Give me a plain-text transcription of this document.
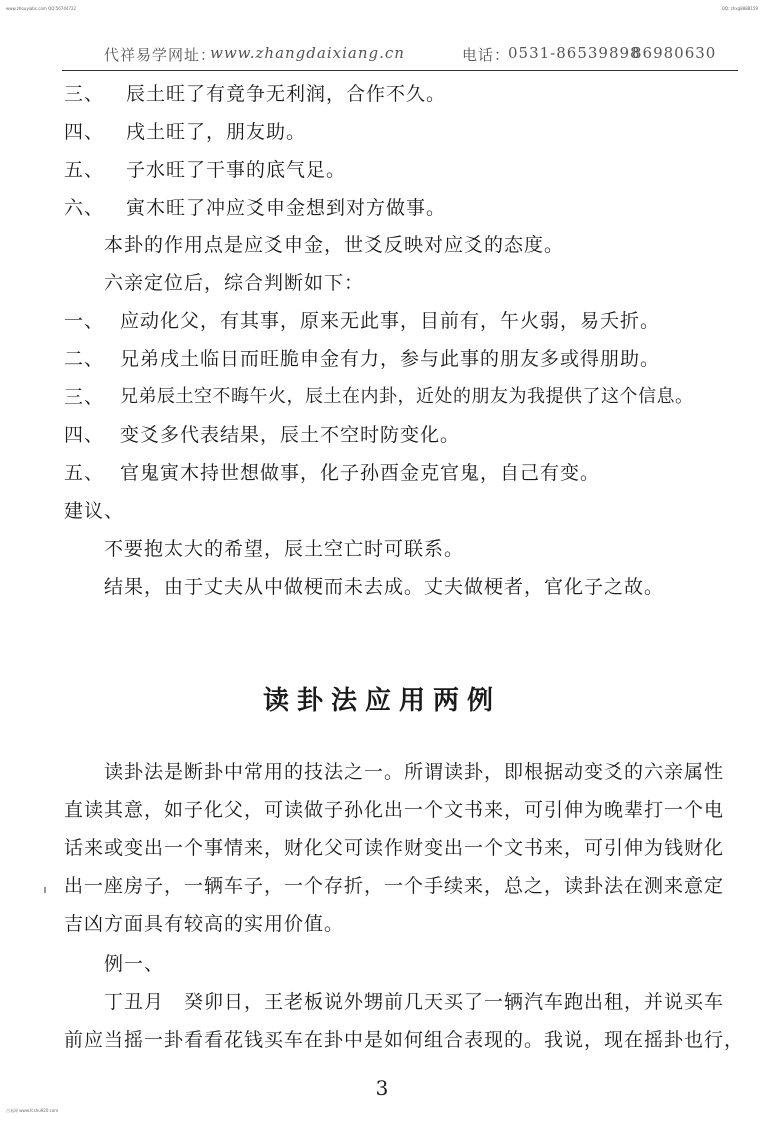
www.zhouyiabc.com QQ:56744722	QQ: zhxg8888159
古易网 www.fcshu920.com
代祥易学网址：
www.zhangdaixiang.cn	电话：
0531-86539898
86980630
三、 辰土旺了有竟争无利润，合作不久。
四、 戌土旺了，朋友助。
五、 子水旺了干事的底气足。
六、 寅木旺了冲应爻申金想到对方做事。
本卦的作用点是应爻申金，世爻反映对应爻的态度。
六亲定位后，综合判断如下：
一、 应动化父，有其事，原来无此事，目前有，午火弱，易夭折。
二、 兄弟戌土临日而旺脆申金有力，参与此事的朋友多或得朋助。
三、 兄弟辰土空不晦午火，辰土在内卦，近处的朋友为我提供了这个信息。
四、 变爻多代表结果，辰土不空时防变化。
五、 官鬼寅木持世想做事，化子孙酉金克官鬼，自己有变。
建议、
不要抱太大的希望，辰土空亡时可联系。
结果，由于丈夫从中做梗而未去成。丈夫做梗者，官化子之故。
读卦法应用两例
读卦法是断卦中常用的技法之一。所谓读卦，即根据动变爻的六亲属性
直读其意，如子化父，可读做子孙化出一个文书来，可引伸为晚辈打一个电
话来或变出一个事情来，财化父可读作财变出一个文书来，可引伸为钱财化
出一座房子，一辆车子，一个存折，一个手续来，总之，读卦法在测来意定
吉凶方面具有较高的实用价值。
例一、
丁丑月　癸卯日，王老板说外甥前几天买了一辆汽车跑出租，并说买车
前应当摇一卦看看花钱买车在卦中是如何组合表现的。我说，现在摇卦也行，
3
